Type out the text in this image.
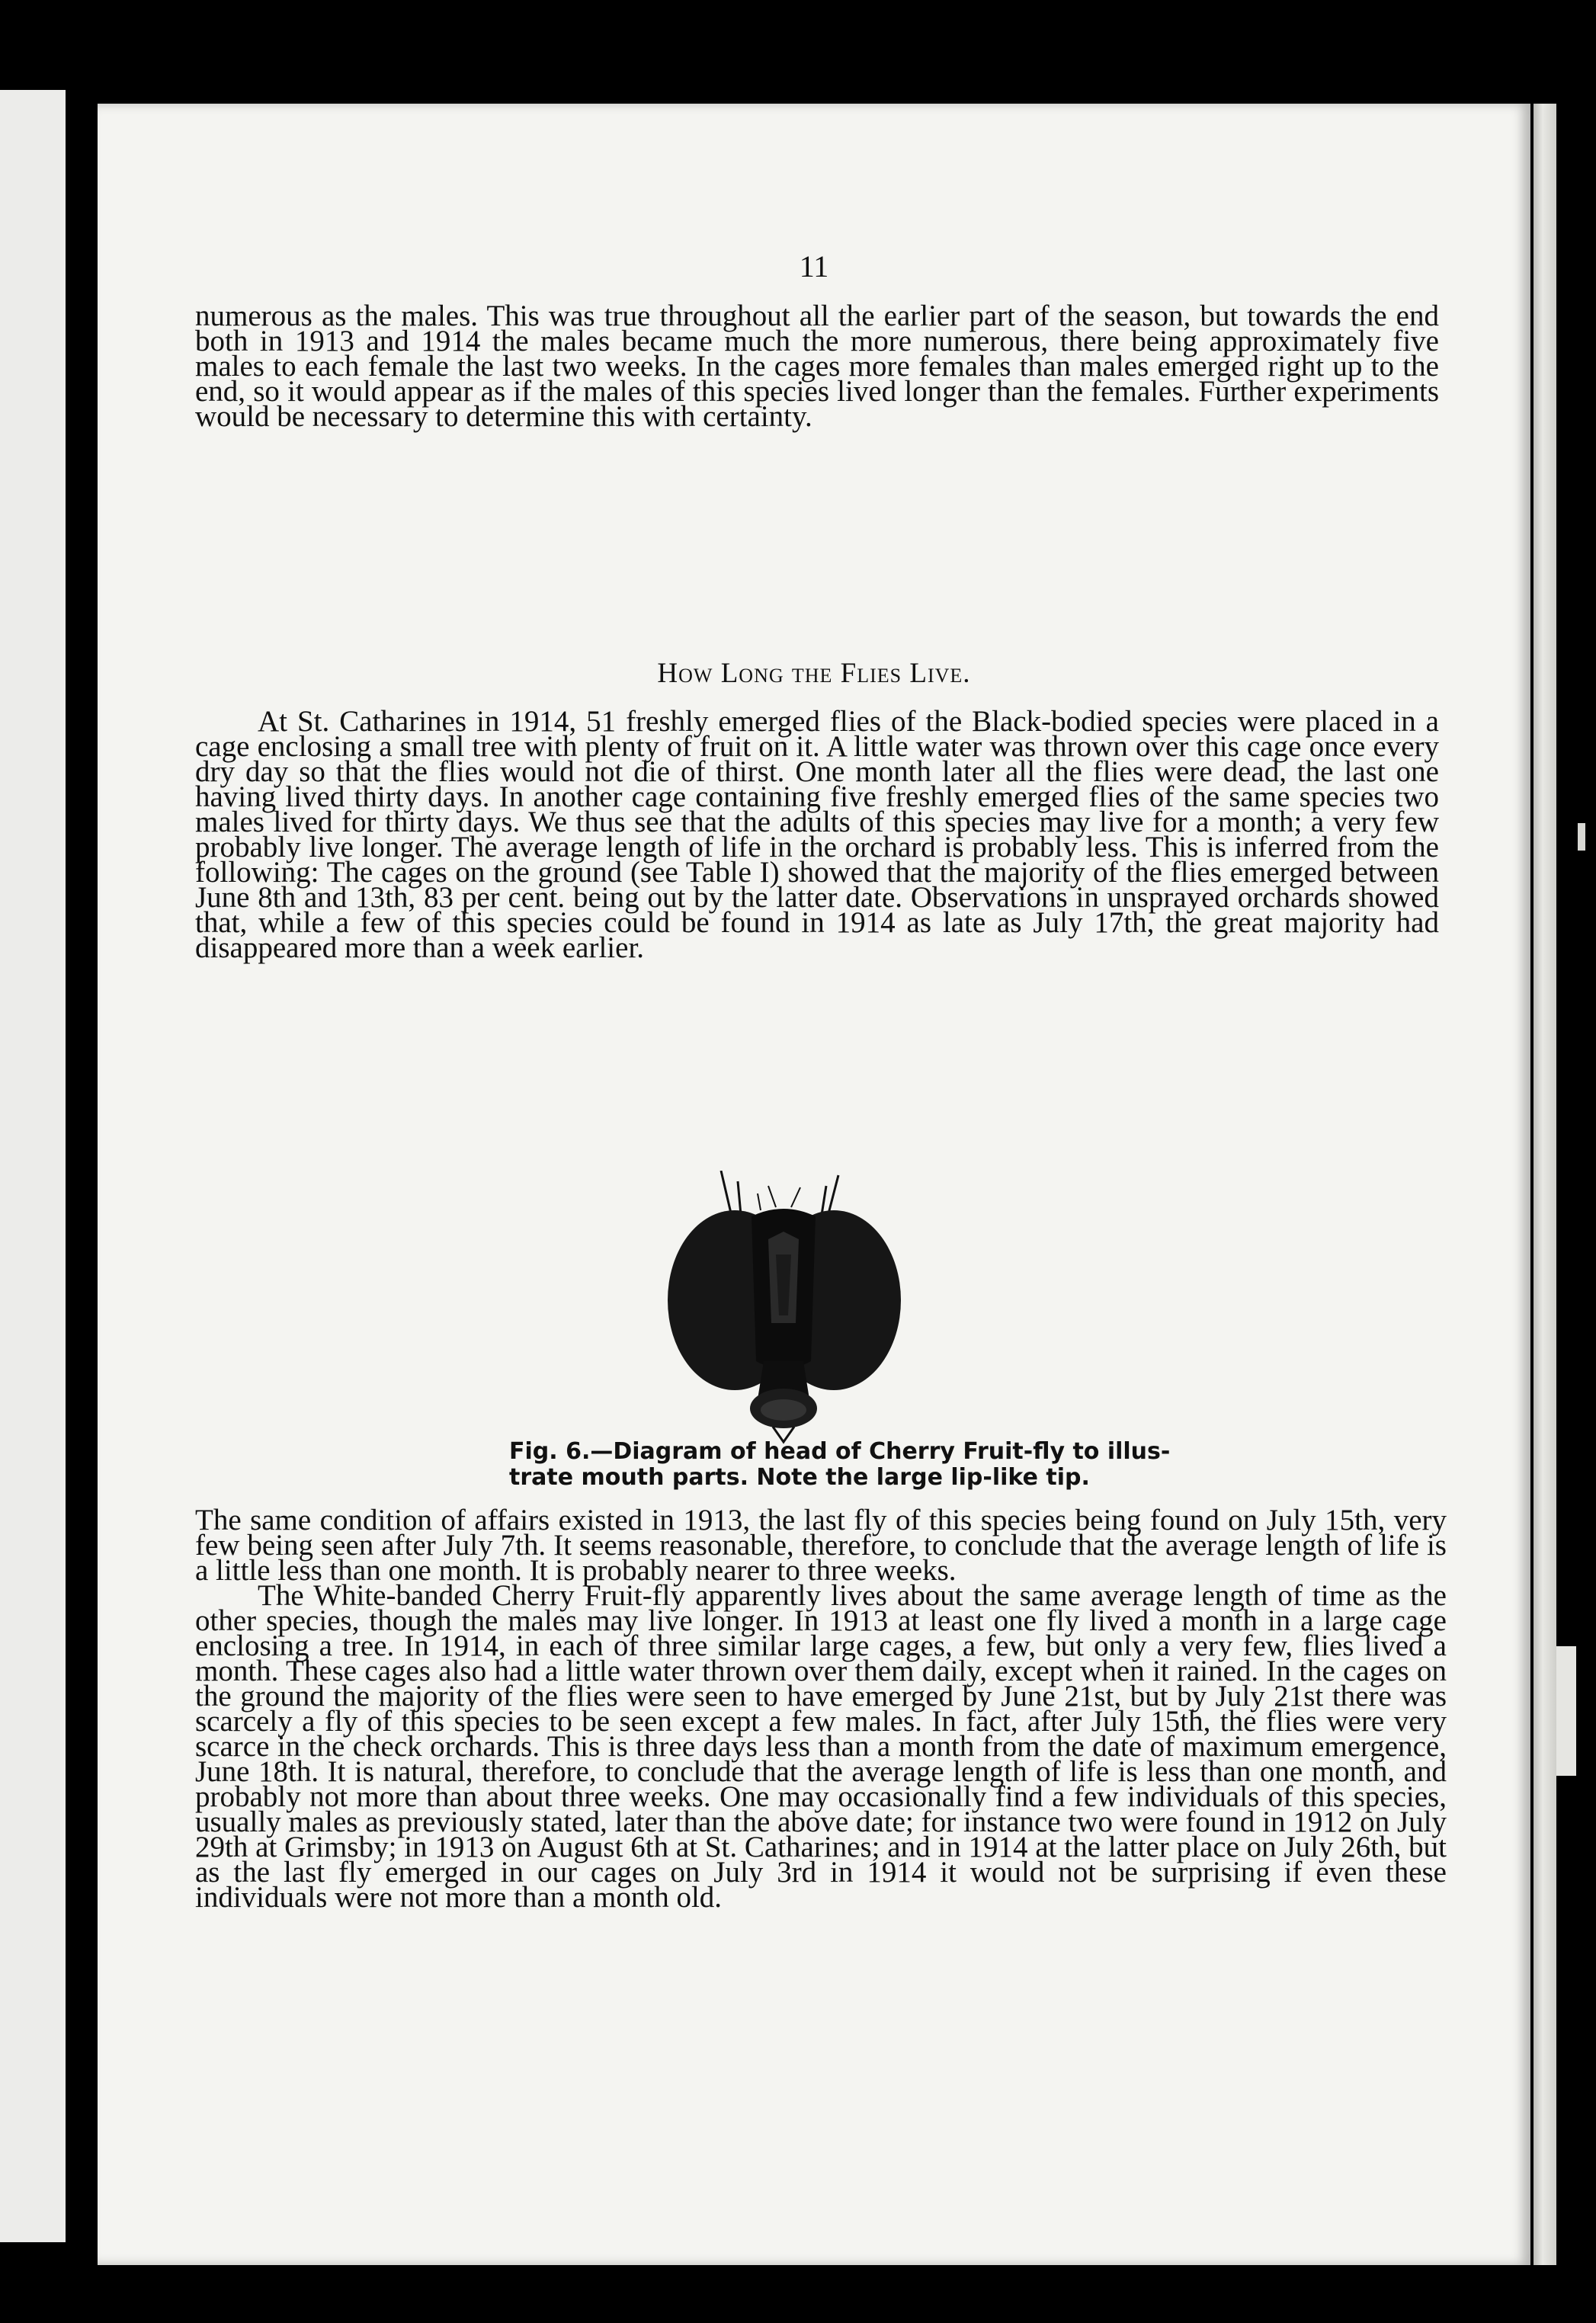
11

numerous as the males. This was true throughout all the earlier part of the season, but towards the end both in 1913 and 1914 the males became much the more numerous, there being approximately five males to each female the last two weeks. In the cages more females than males emerged right up to the end, so it would appear as if the males of this species lived longer than the females. Further experiments would be necessary to determine this with certainty.

How Long the Flies Live.

At St. Catharines in 1914, 51 freshly emerged flies of the Black-bodied species were placed in a cage enclosing a small tree with plenty of fruit on it. A little water was thrown over this cage once every dry day so that the flies would not die of thirst. One month later all the flies were dead, the last one having lived thirty days. In another cage containing five freshly emerged flies of the same species two males lived for thirty days. We thus see that the adults of this species may live for a month; a very few probably live longer. The average length of life in the orchard is probably less. This is inferred from the following: The cages on the ground (see Table I) showed that the majority of the flies emerged between June 8th and 13th, 83 per cent. being out by the latter date. Observations in unsprayed orchards showed that, while a few of this species could be found in 1914 as late as July 17th, the great majority had disappeared more than a week earlier.

Fig. 6.—Diagram of head of Cherry Fruit-fly to illus-
trate mouth parts. Note the large lip-like tip.

The same condition of affairs existed in 1913, the last fly of this species being found on July 15th, very few being seen after July 7th. It seems reasonable, therefore, to conclude that the average length of life is a little less than one month. It is probably nearer to three weeks.

The White-banded Cherry Fruit-fly apparently lives about the same average length of time as the other species, though the males may live longer. In 1913 at least one fly lived a month in a large cage enclosing a tree. In 1914, in each of three similar large cages, a few, but only a very few, flies lived a month. These cages also had a little water thrown over them daily, except when it rained. In the cages on the ground the majority of the flies were seen to have emerged by June 21st, but by July 21st there was scarcely a fly of this species to be seen except a few males. In fact, after July 15th, the flies were very scarce in the check orchards. This is three days less than a month from the date of maximum emergence, June 18th. It is natural, therefore, to conclude that the average length of life is less than one month, and probably not more than about three weeks. One may occasionally find a few individuals of this species, usually males as previously stated, later than the above date; for instance two were found in 1912 on July 29th at Grimsby; in 1913 on August 6th at St. Catharines; and in 1914 at the latter place on July 26th, but as the last fly emerged in our cages on July 3rd in 1914 it would not be surprising if even these individuals were not more than a month old.
